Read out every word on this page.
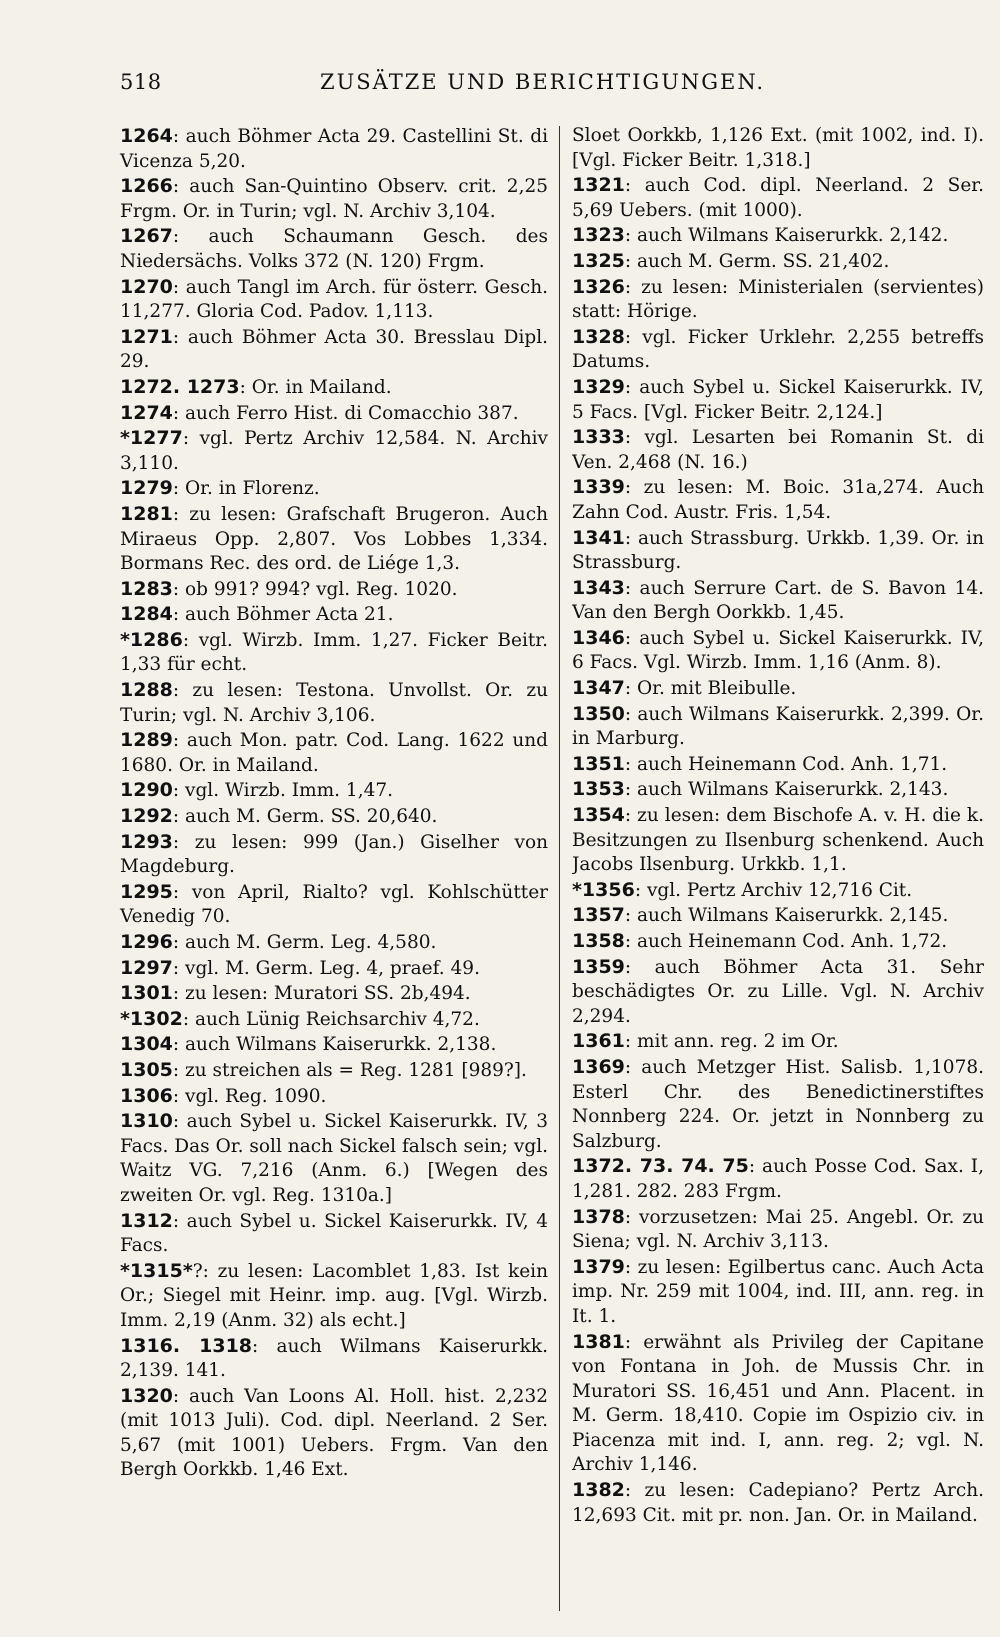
518	ZUSÄTZE UND BERICHTIGUNGEN.

1264: auch Böhmer Acta 29. Castellini St. di Vicenza 5,20.

1266: auch San-Quintino Observ. crit. 2,25 Frgm. Or. in Turin; vgl. N. Archiv 3,104.

1267: auch Schaumann Gesch. des Niedersächs. Volks 372 (N. 120) Frgm.

1270: auch Tangl im Arch. für österr. Gesch. 11,277. Gloria Cod. Padov. 1,113.

1271: auch Böhmer Acta 30. Bresslau Dipl. 29.

1272. 1273: Or. in Mailand.

1274: auch Ferro Hist. di Comacchio 387.

*1277: vgl. Pertz Archiv 12,584. N. Archiv 3,110.

1279: Or. in Florenz.

1281: zu lesen: Grafschaft Brugeron. Auch Miraeus Opp. 2,807. Vos Lobbes 1,334. Bormans Rec. des ord. de Liége 1,3.

1283: ob 991? 994? vgl. Reg. 1020.

1284: auch Böhmer Acta 21.

*1286: vgl. Wirzb. Imm. 1,27. Ficker Beitr. 1,33 für echt.

1288: zu lesen: Testona. Unvollst. Or. zu Turin; vgl. N. Archiv 3,106.

1289: auch Mon. patr. Cod. Lang. 1622 und 1680. Or. in Mailand.

1290: vgl. Wirzb. Imm. 1,47.

1292: auch M. Germ. SS. 20,640.

1293: zu lesen: 999 (Jan.) Giselher von Magdeburg.

1295: von April, Rialto? vgl. Kohlschütter Venedig 70.

1296: auch M. Germ. Leg. 4,580.

1297: vgl. M. Germ. Leg. 4, praef. 49.

1301: zu lesen: Muratori SS. 2b,494.

*1302: auch Lünig Reichsarchiv 4,72.

1304: auch Wilmans Kaiserurkk. 2,138.

1305: zu streichen als = Reg. 1281 [989?].

1306: vgl. Reg. 1090.

1310: auch Sybel u. Sickel Kaiserurkk. IV, 3 Facs. Das Or. soll nach Sickel falsch sein; vgl. Waitz VG. 7,216 (Anm. 6.) [Wegen des zweiten Or. vgl. Reg. 1310a.]

1312: auch Sybel u. Sickel Kaiserurkk. IV, 4 Facs.

*1315*?: zu lesen: Lacomblet 1,83. Ist kein Or.; Siegel mit Heinr. imp. aug. [Vgl. Wirzb. Imm. 2,19 (Anm. 32) als echt.]

1316. 1318: auch Wilmans Kaiserurkk. 2,139. 141.

1320: auch Van Loons Al. Holl. hist. 2,232 (mit 1013 Juli). Cod. dipl. Neerland. 2 Ser. 5,67 (mit 1001) Uebers. Frgm. Van den Bergh Oorkkb. 1,46 Ext.

Sloet Oorkkb, 1,126 Ext. (mit 1002, ind. I). [Vgl. Ficker Beitr. 1,318.]

1321: auch Cod. dipl. Neerland. 2 Ser. 5,69 Uebers. (mit 1000).

1323: auch Wilmans Kaiserurkk. 2,142.

1325: auch M. Germ. SS. 21,402.

1326: zu lesen: Ministerialen (servientes) statt: Hörige.

1328: vgl. Ficker Urklehr. 2,255 betreffs Datums.

1329: auch Sybel u. Sickel Kaiserurkk. IV, 5 Facs. [Vgl. Ficker Beitr. 2,124.]

1333: vgl. Lesarten bei Romanin St. di Ven. 2,468 (N. 16.)

1339: zu lesen: M. Boic. 31a,274. Auch Zahn Cod. Austr. Fris. 1,54.

1341: auch Strassburg. Urkkb. 1,39. Or. in Strassburg.

1343: auch Serrure Cart. de S. Bavon 14. Van den Bergh Oorkkb. 1,45.

1346: auch Sybel u. Sickel Kaiserurkk. IV, 6 Facs. Vgl. Wirzb. Imm. 1,16 (Anm. 8).

1347: Or. mit Bleibulle.

1350: auch Wilmans Kaiserurkk. 2,399. Or. in Marburg.

1351: auch Heinemann Cod. Anh. 1,71.

1353: auch Wilmans Kaiserurkk. 2,143.

1354: zu lesen: dem Bischofe A. v. H. die k. Besitzungen zu Ilsenburg schenkend. Auch Jacobs Ilsenburg. Urkkb. 1,1.

*1356: vgl. Pertz Archiv 12,716 Cit.

1357: auch Wilmans Kaiserurkk. 2,145.

1358: auch Heinemann Cod. Anh. 1,72.

1359: auch Böhmer Acta 31. Sehr beschädigtes Or. zu Lille. Vgl. N. Archiv 2,294.

1361: mit ann. reg. 2 im Or.

1369: auch Metzger Hist. Salisb. 1,1078. Esterl Chr. des Benedictinerstiftes Nonnberg 224. Or. jetzt in Nonnberg zu Salzburg.

1372. 73. 74. 75: auch Posse Cod. Sax. I, 1,281. 282. 283 Frgm.

1378: vorzusetzen: Mai 25. Angebl. Or. zu Siena; vgl. N. Archiv 3,113.

1379: zu lesen: Egilbertus canc. Auch Acta imp. Nr. 259 mit 1004, ind. III, ann. reg. in It. 1.

1381: erwähnt als Privileg der Capitane von Fontana in Joh. de Mussis Chr. in Muratori SS. 16,451 und Ann. Placent. in M. Germ. 18,410. Copie im Ospizio civ. in Piacenza mit ind. I, ann. reg. 2; vgl. N. Archiv 1,146.

1382: zu lesen: Cadepiano? Pertz Arch. 12,693 Cit. mit pr. non. Jan. Or. in Mailand.
